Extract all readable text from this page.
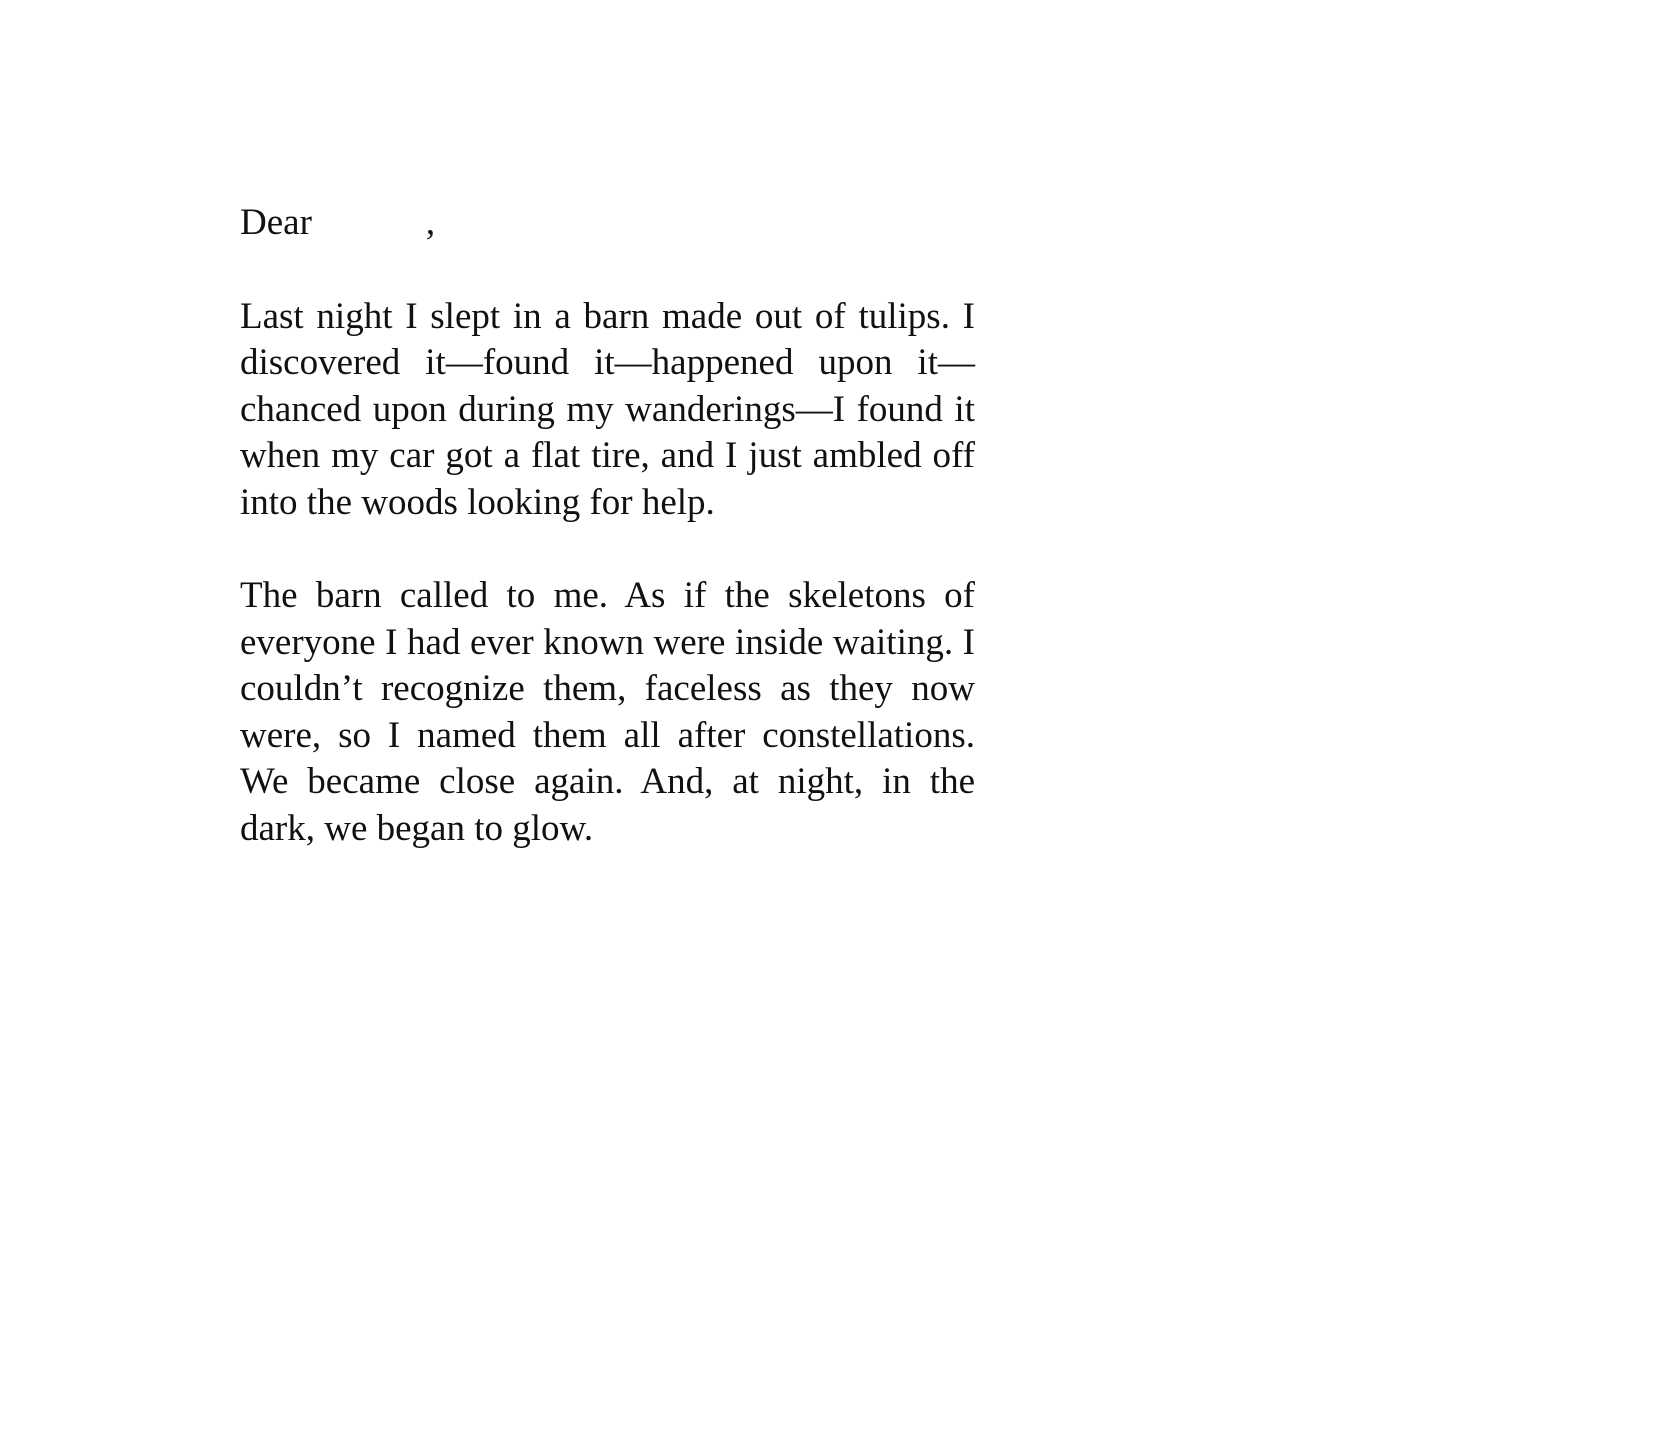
Dear	,

Last night I slept in a barn made out of tulips. I discovered it—found it—happened upon it—chanced upon during my wanderings—I found it when my car got a flat tire, and I just ambled off into the woods looking for help.

The barn called to me. As if the skeletons of everyone I had ever known were inside waiting. I couldn’t recognize them, faceless as they now were, so I named them all after constellations. We became close again. And, at night, in the dark, we began to glow.
